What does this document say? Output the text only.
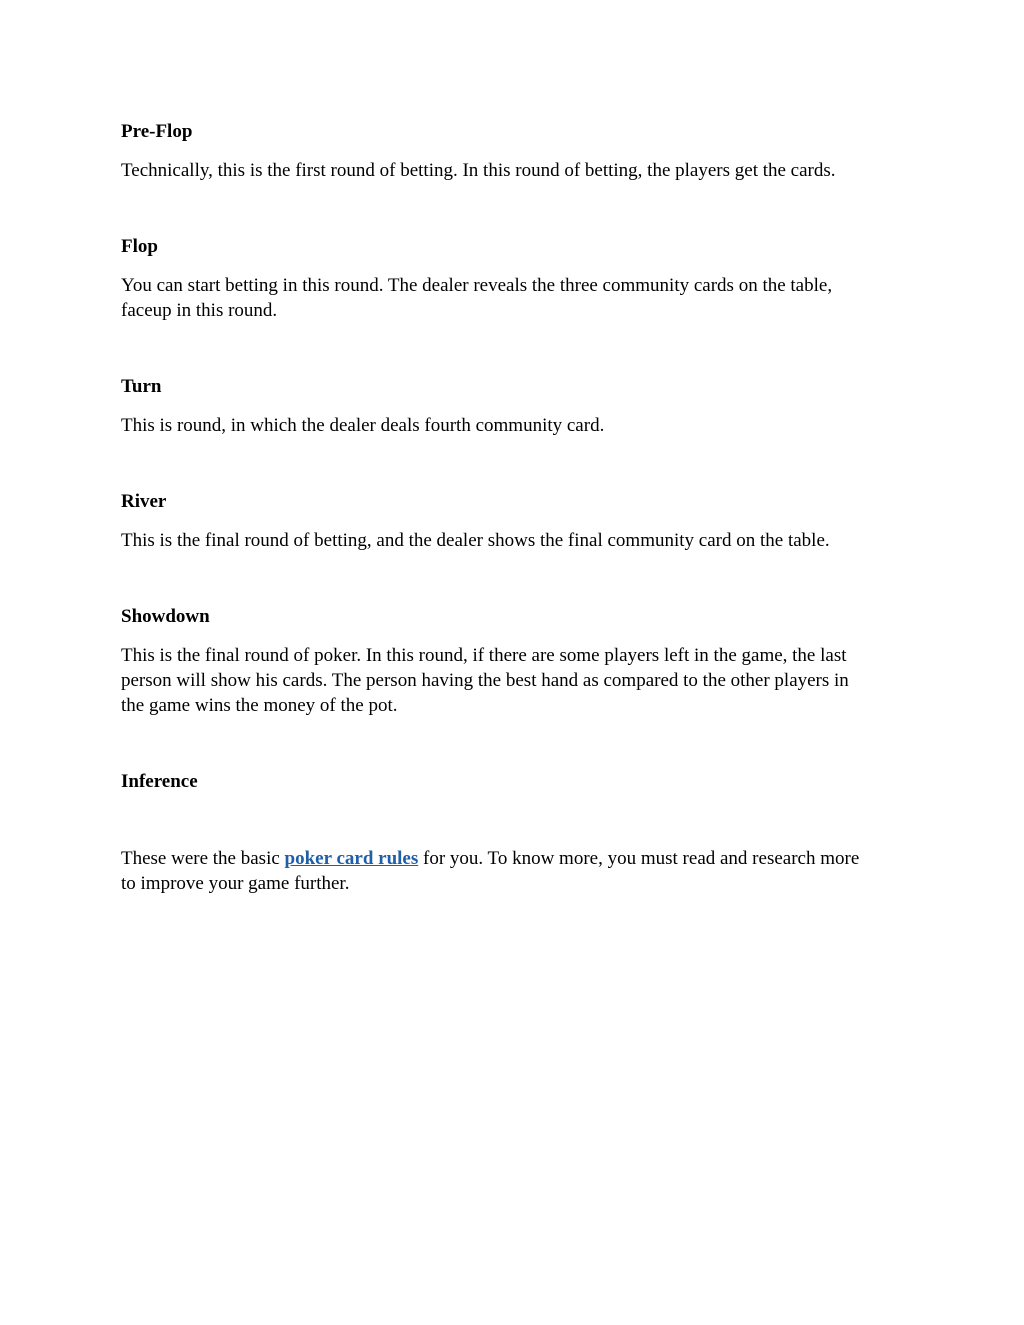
Pre-Flop

Technically, this is the first round of betting. In this round of betting, the players get the cards.

Flop

You can start betting in this round. The dealer reveals the three community cards on the table,
faceup in this round.

Turn

This is round, in which the dealer deals fourth community card.

River

This is the final round of betting, and the dealer shows the final community card on the table.

Showdown

This is the final round of poker. In this round, if there are some players left in the game, the last
person will show his cards. The person having the best hand as compared to the other players in
the game wins the money of the pot.

Inference

These were the basic poker card rules for you. To know more, you must read and research more
to improve your game further.
